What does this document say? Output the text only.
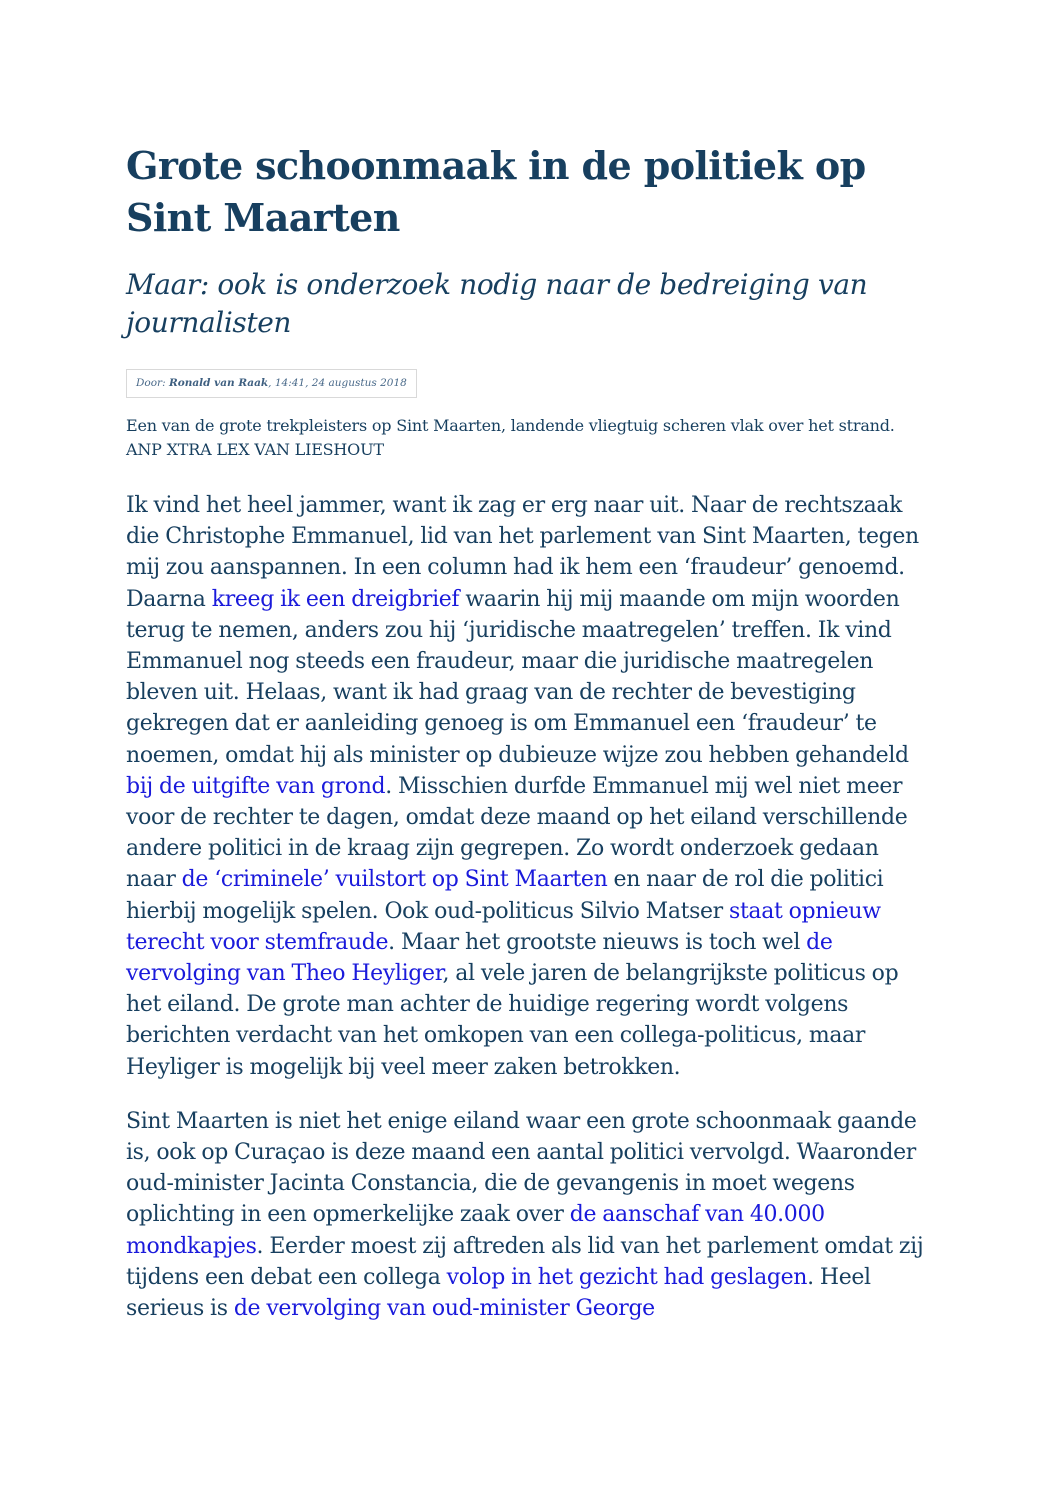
Grote schoonmaak in de politiek op Sint Maarten
Maar: ook is onderzoek nodig naar de bedreiging van journalisten
Door: Ronald van Raak, 14:41, 24 augustus 2018

Een van de grote trekpleisters op Sint Maarten, landende vliegtuig scheren vlak over het strand. ANP XTRA LEX VAN LIESHOUT

Ik vind het heel jammer, want ik zag er erg naar uit. Naar de rechtszaak die Christophe Emmanuel, lid van het parlement van Sint Maarten, tegen mij zou aanspannen. In een column had ik hem een ‘fraudeur’ genoemd. Daarna kreeg ik een dreigbrief waarin hij mij maande om mijn woorden terug te nemen, anders zou hij ‘juridische maatregelen’ treffen. Ik vind Emmanuel nog steeds een fraudeur, maar die juridische maatregelen bleven uit. Helaas, want ik had graag van de rechter de bevestiging gekregen dat er aanleiding genoeg is om Emmanuel een ‘fraudeur’ te noemen, omdat hij als minister op dubieuze wijze zou hebben gehandeld bij de uitgifte van grond. Misschien durfde Emmanuel mij wel niet meer voor de rechter te dagen, omdat deze maand op het eiland verschillende andere politici in de kraag zijn gegrepen. Zo wordt onderzoek gedaan naar de ‘criminele’ vuilstort op Sint Maarten en naar de rol die politici hierbij mogelijk spelen. Ook oud-politicus Silvio Matser staat opnieuw terecht voor stemfraude. Maar het grootste nieuws is toch wel de vervolging van Theo Heyliger, al vele jaren de belangrijkste politicus op het eiland. De grote man achter de huidige regering wordt volgens berichten verdacht van het omkopen van een collega-politicus, maar Heyliger is mogelijk bij veel meer zaken betrokken.

Sint Maarten is niet het enige eiland waar een grote schoonmaak gaande is, ook op Curaçao is deze maand een aantal politici vervolgd. Waaronder oud-minister Jacinta Constancia, die de gevangenis in moet wegens oplichting in een opmerkelijke zaak over de aanschaf van 40.000 mondkapjes. Eerder moest zij aftreden als lid van het parlement omdat zij tijdens een debat een collega volop in het gezicht had geslagen. Heel serieus is de vervolging van oud-minister George
